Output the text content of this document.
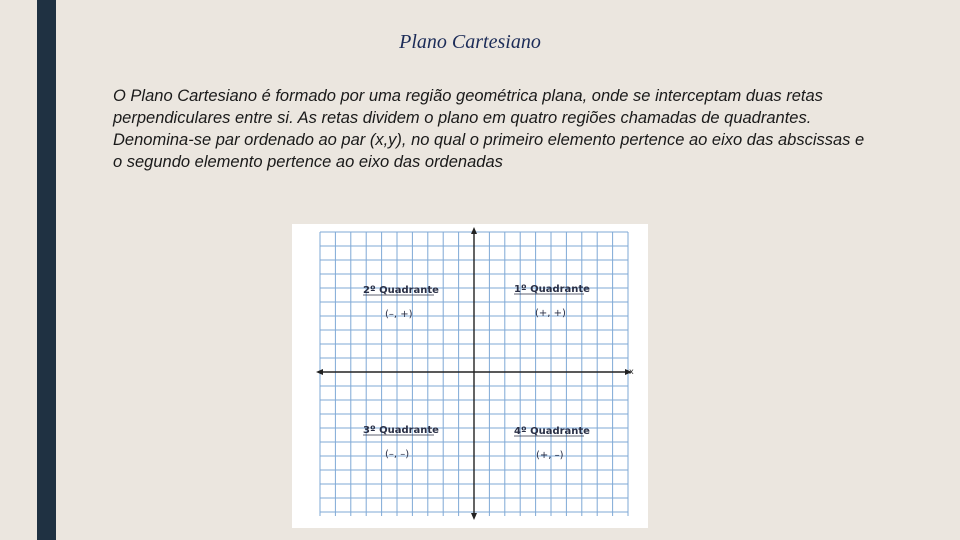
Plano Cartesiano

O Plano Cartesiano é formado por uma região geométrica plana, onde se interceptam duas retas perpendiculares entre si. As retas dividem o plano em quatro regiões chamadas de quadrantes.

Denomina-se par ordenado ao par (x,y), no qual o primeiro elemento pertence ao eixo das abscissas e o segundo elemento pertence ao eixo das ordenadas

x
2º Quadrante
(–, +)
1º Quadrante
(+, +)
3º Quadrante
(–, –)
4º Quadrante
(+, –)
